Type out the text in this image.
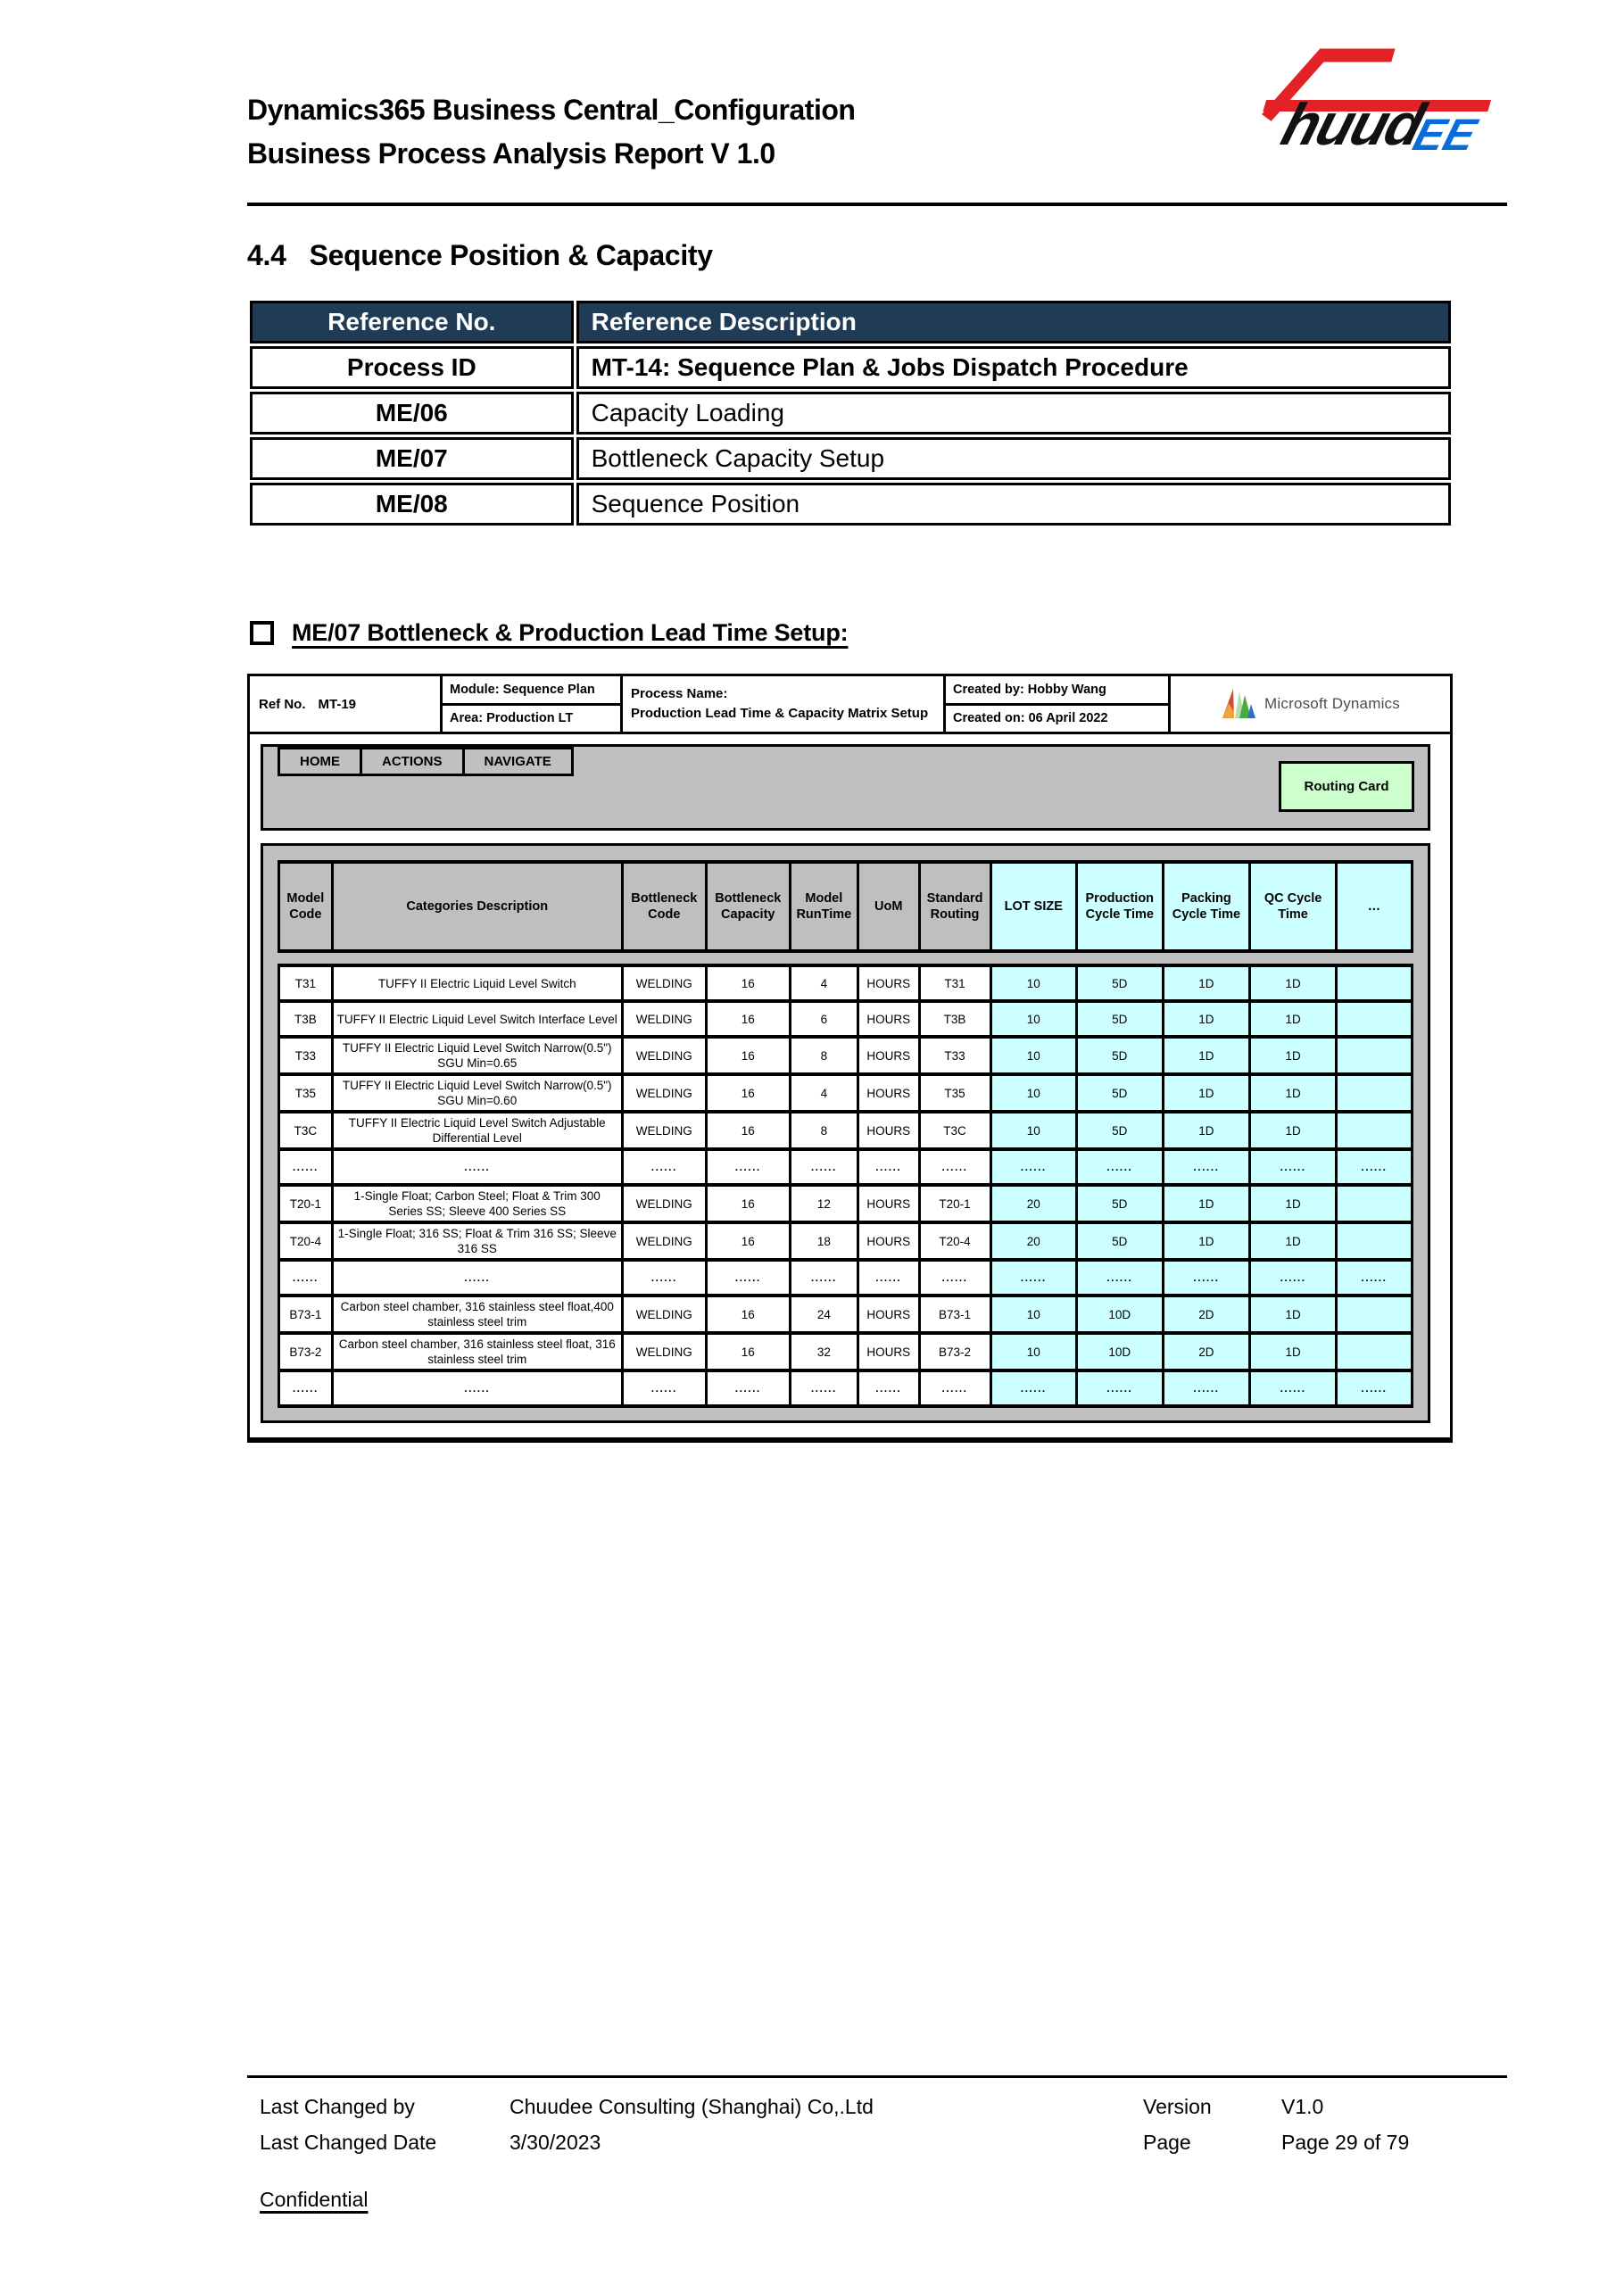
Dynamics365 Business Central_Configuration
Business Process Analysis Report V 1.0	huud
EE
4.4 Sequence Position & Capacity
Reference No.	Reference Description
Process ID	MT-14: Sequence Plan & Jobs Dispatch Procedure
ME/06	Capacity Loading
ME/07	Bottleneck Capacity Setup
ME/08	Sequence Position
ME/07 Bottleneck & Production Lead Time Setup:
Ref No. MT-19
Module: Sequence Plan
Area: Production LT
Process Name:
Production Lead Time & Capacity Matrix Setup
Created by: Hobby Wang
Created on: 06 April 2022
Microsoft Dynamics
HOME	ACTIONS	NAVIGATE
Routing Card
Model Code	Categories Description	Bottleneck Code	Bottleneck Capacity	Model RunTime	UoM	Standard Routing	LOT SIZE	Production Cycle Time	Packing Cycle Time	QC Cycle Time	…
T31	TUFFY II Electric Liquid Level Switch	WELDING	16	4	HOURS	T31	10	5D	1D	1D	
T3B	TUFFY II Electric Liquid Level Switch Interface Level	WELDING	16	6	HOURS	T3B	10	5D	1D	1D	
T33	TUFFY II Electric Liquid Level Switch Narrow(0.5") SGU Min=0.65	WELDING	16	8	HOURS	T33	10	5D	1D	1D	
T35	TUFFY II Electric Liquid Level Switch Narrow(0.5") SGU Min=0.60	WELDING	16	4	HOURS	T35	10	5D	1D	1D	
T3C	TUFFY II Electric Liquid Level Switch Adjustable Differential Level	WELDING	16	8	HOURS	T3C	10	5D	1D	1D	
......	......	......	......	......	......	......	......	......	......	......	......
T20-1	1-Single Float; Carbon Steel; Float & Trim 300 Series SS; Sleeve 400 Series SS	WELDING	16	12	HOURS	T20-1	20	5D	1D	1D	
T20-4	1-Single Float; 316 SS; Float & Trim 316 SS; Sleeve 316 SS	WELDING	16	18	HOURS	T20-4	20	5D	1D	1D	
......	......	......	......	......	......	......	......	......	......	......	......
B73-1	Carbon steel chamber, 316 stainless steel float,400 stainless steel trim	WELDING	16	24	HOURS	B73-1	10	10D	2D	1D	
B73-2	Carbon steel chamber, 316 stainless steel float, 316 stainless steel trim	WELDING	16	32	HOURS	B73-2	10	10D	2D	1D	
......	......	......	......	......	......	......	......	......	......	......	......
Last Changed by	Chuudee Consulting (Shanghai) Co,.Ltd	Version	V1.0
Last Changed Date	3/30/2023	Page	Page 29 of 79
Confidential
